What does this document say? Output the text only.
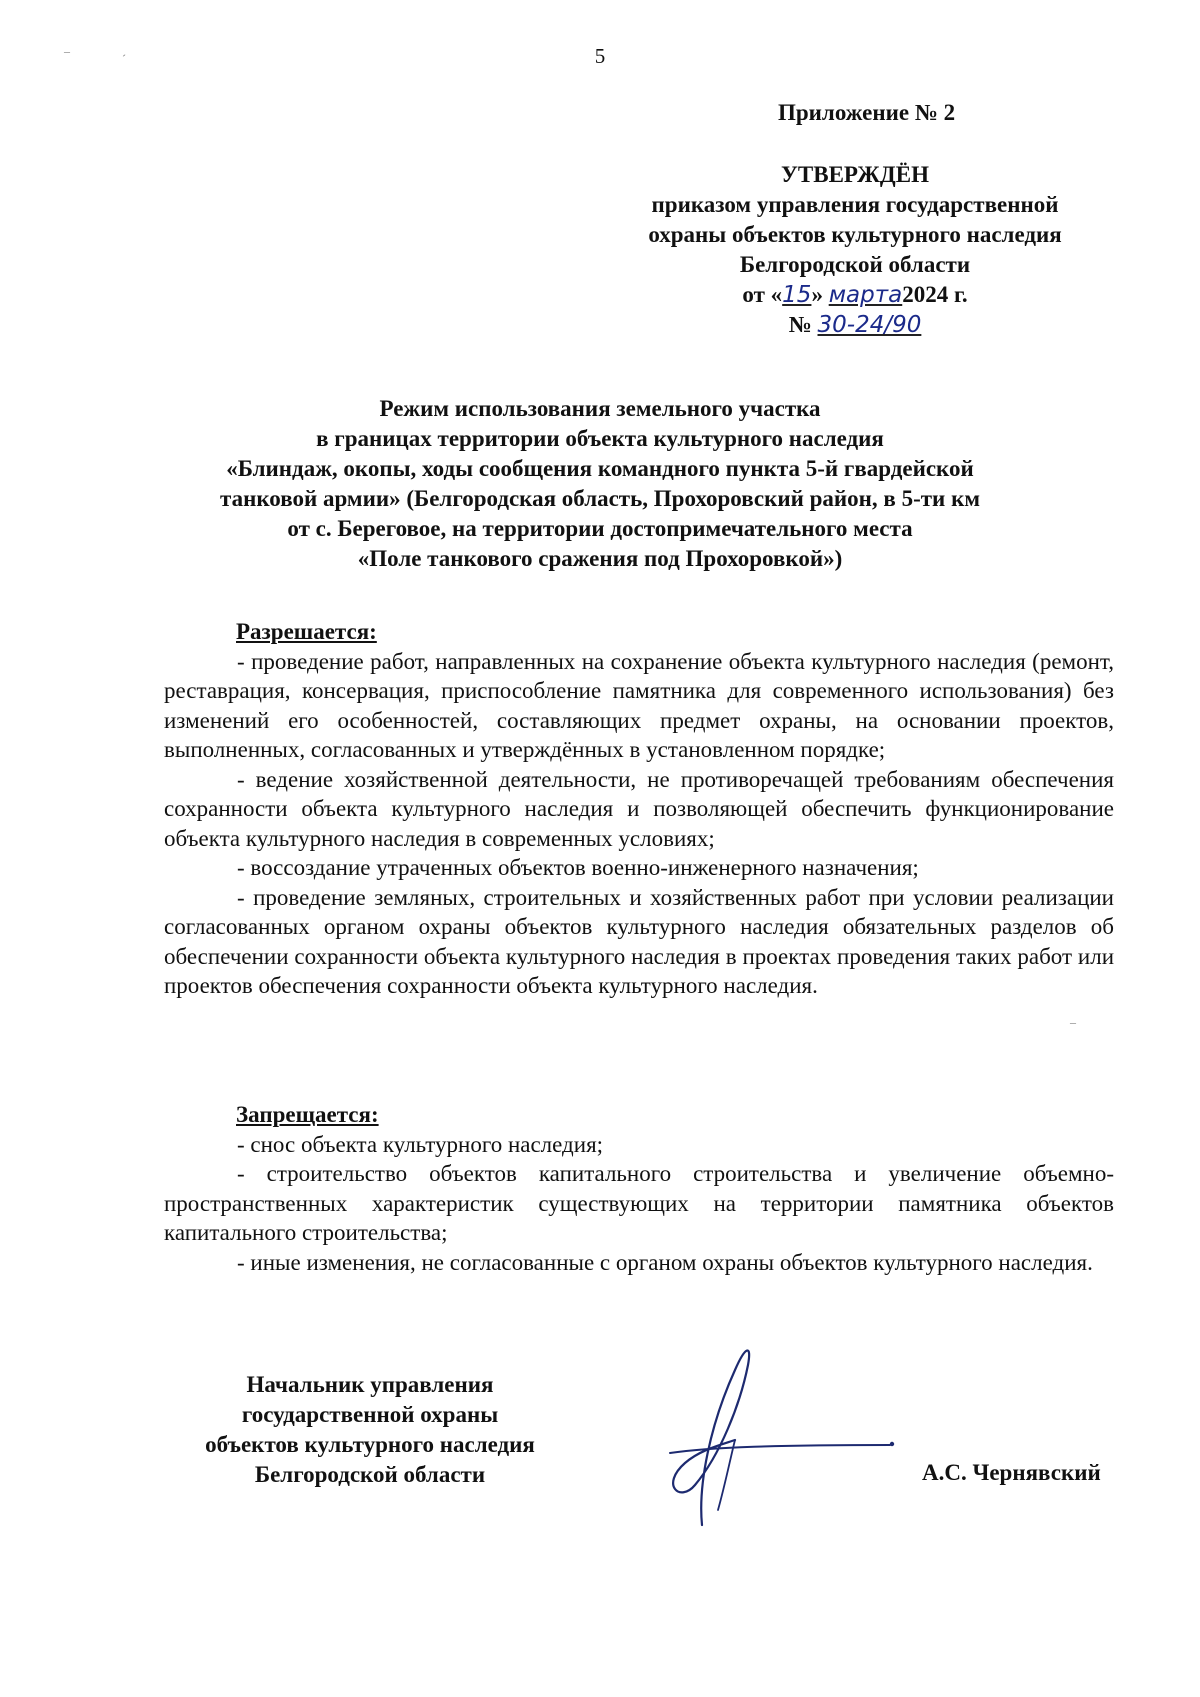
5
Приложение № 2
УТВЕРЖДЁН
приказом управления государственной
охраны объектов культурного наследия
Белгородской области
от «15» марта2024 г.
№ 30-24/90
Режим использования земельного участка
в границах территории объекта культурного наследия
«Блиндаж, окопы, ходы сообщения командного пункта 5-й гвардейской
танковой армии» (Белгородская область, Прохоровский район, в 5-ти км
от с. Береговое, на территории достопримечательного места
«Поле танкового сражения под Прохоровкой»)
Разрешается:

- проведение работ, направленных на сохранение объекта культурного наследия (ремонт, реставрация, консервация, приспособление памятника для современного использования) без изменений его особенностей, составляющих предмет охраны, на основании проектов, выполненных, согласованных и утверждённых в установленном порядке;

- ведение хозяйственной деятельности, не противоречащей требованиям обеспечения сохранности объекта культурного наследия и позволяющей обеспечить функционирование объекта культурного наследия в современных условиях;

- воссоздание утраченных объектов военно-инженерного назначения;

- проведение земляных, строительных и хозяйственных работ при условии реализации согласованных органом охраны объектов культурного наследия обязательных разделов об обеспечении сохранности объекта культурного наследия в проектах проведения таких работ или проектов обеспечения сохранности объекта культурного наследия.

Запрещается:

- снос объекта культурного наследия;

- строительство объектов капитального строительства и увеличение объемно-пространственных характеристик существующих на территории памятника объектов капитального строительства;

- иные изменения, не согласованные с органом охраны объектов культурного наследия.

Начальник управления
государственной охраны
объектов культурного наследия
Белгородской области	А.С. Чернявский
‒
ˊ
–
